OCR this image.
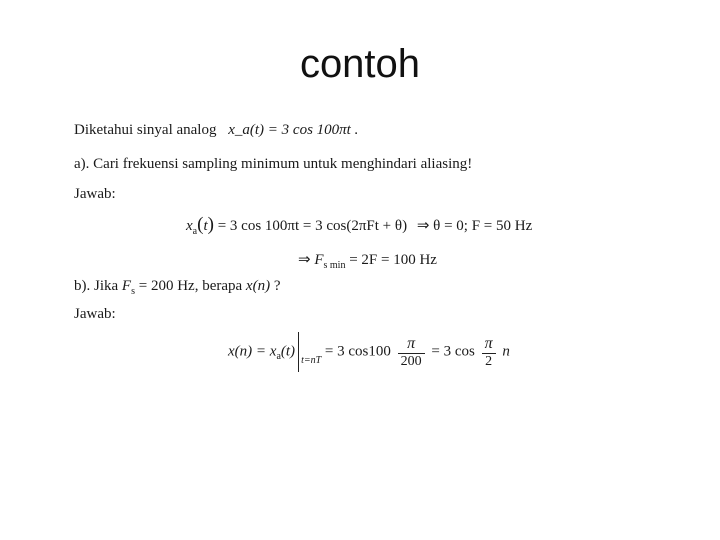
contoh
Diketahui sinyal analog x_a(t) = 3 cos 100πt .
a). Cari frekuensi sampling minimum untuk menghindari aliasing!
Jawab:
$x_a(t) = 3$ cos 100πt = 3 cos(2πFt + θ) ⇒ θ = 0; F = 50 Hz
⇒ $F_{s min} = 2F = 100$ Hz
b). Jika $F_s = 200$ Hz, berapa x(n) ?
Jawab:
$x(n) = x_a(t)_{t=nT} = 3$ $\cos 100 \frac{\pi}{200} = 3$ $\cos \frac{\pi}{2}$ n
